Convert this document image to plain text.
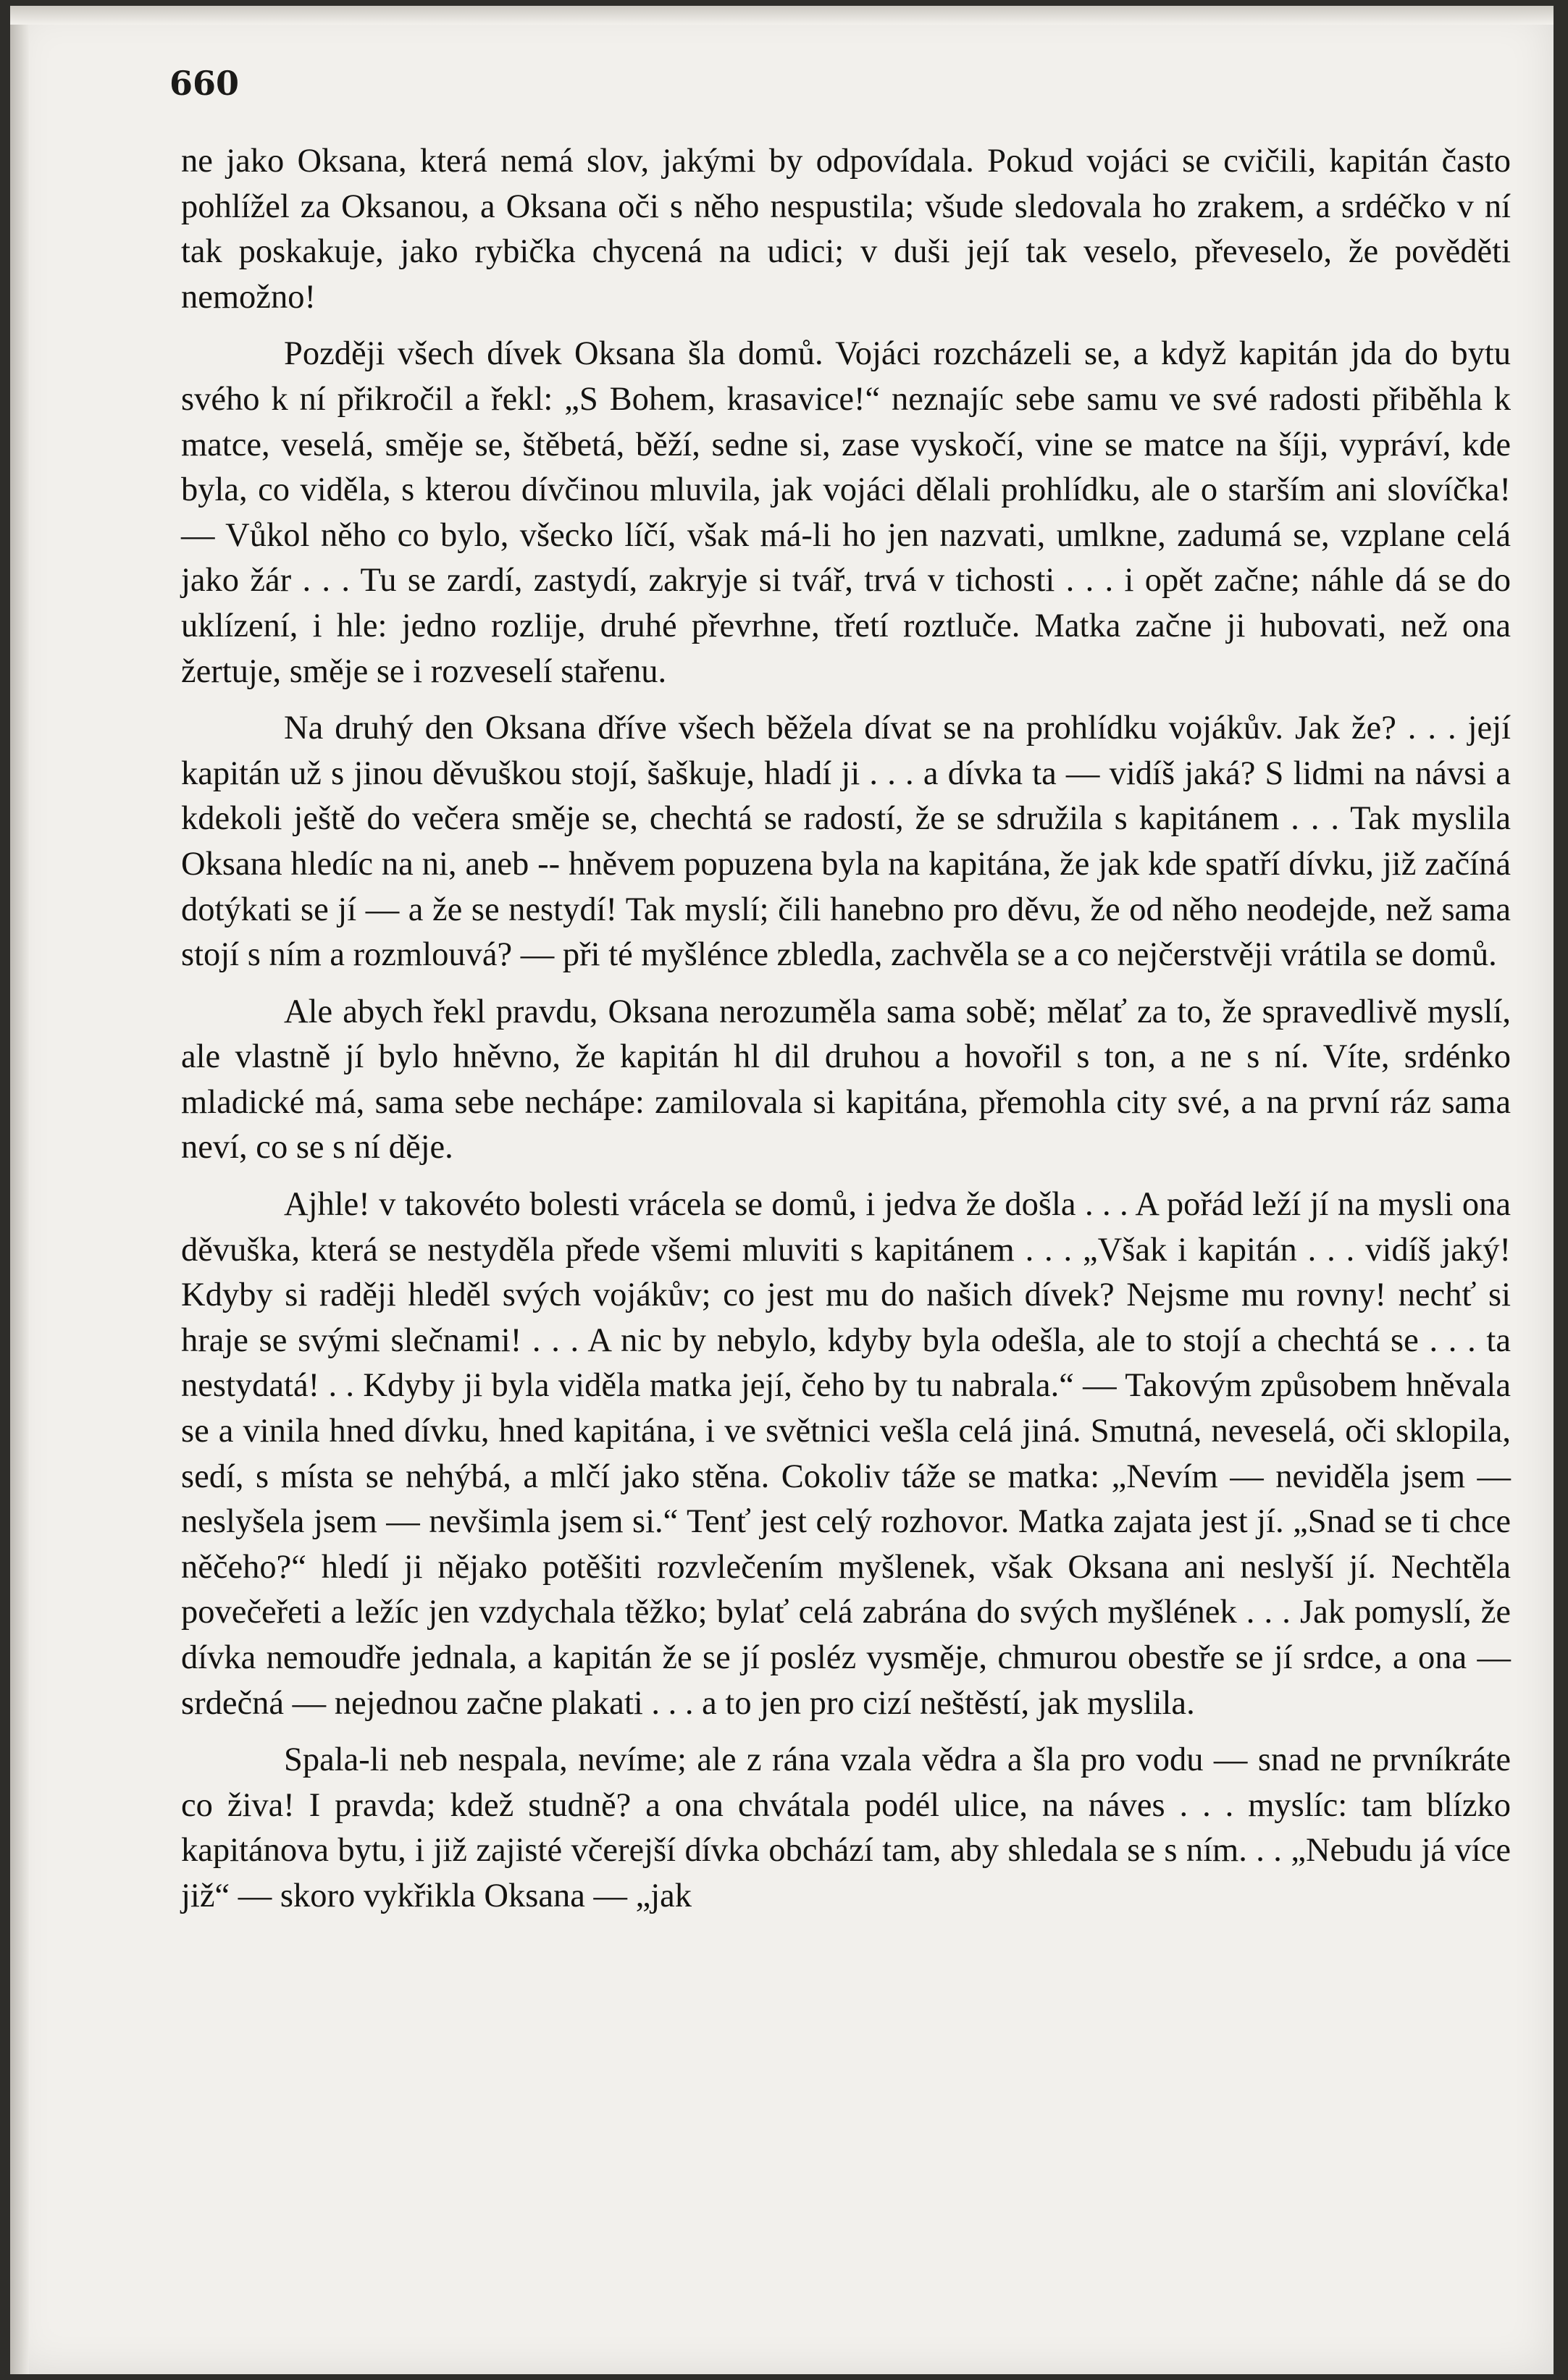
660

ne jako Oksana, která nemá slov, jakými by odpovídala. Pokud vojáci se cvičili, kapitán často pohlížel za Oksanou, a Oksana oči s něho nespustila; všude sledovala ho zrakem, a srdéčko v ní tak poskakuje, jako rybička chycená na udici; v duši její tak veselo, převeselo, že pověděti nemožno!

Později všech dívek Oksana šla domů. Vojáci rozcházeli se, a když kapitán jda do bytu svého k ní přikročil a řekl: „S Bohem, krasavice!“ neznajíc sebe samu ve své radosti přiběhla k matce, veselá, směje se, štěbetá, běží, sedne si, zase vyskočí, vine se matce na šíji, vypráví, kde byla, co viděla, s kterou dívčinou mluvila, jak vojáci dělali prohlídku, ale o starším ani slovíčka! — Vůkol něho co bylo, všecko líčí, však má-li ho jen nazvati, umlkne, zadumá se, vzplane celá jako žár . . . Tu se zardí, zastydí, zakryje si tvář, trvá v tichosti . . . i opět začne; náhle dá se do uklízení, i hle: jedno rozlije, druhé převrhne, třetí roztluče. Matka začne ji hubovati, než ona žertuje, směje se i rozveselí stařenu.

Na druhý den Oksana dříve všech běžela dívat se na prohlídku vojákův. Jak že? . . . její kapitán už s jinou děvuškou stojí, šaškuje, hladí ji . . . a dívka ta — vidíš jaká? S lidmi na návsi a kdekoli ještě do večera směje se, chechtá se radostí, že se sdružila s kapitánem . . . Tak myslila Oksana hledíc na ni, aneb -- hněvem popuzena byla na kapitána, že jak kde spatří dívku, již začíná dotýkati se jí — a že se nestydí! Tak myslí; čili hanebno pro děvu, že od něho neodejde, než sama stojí s ním a rozmlouvá? — při té myšlénce zbledla, zachvěla se a co nejčerstvěji vrátila se domů.

Ale abych řekl pravdu, Oksana nerozuměla sama sobě; mělať za to, že spravedlivě myslí, ale vlastně jí bylo hněvno, že kapitán hl dil druhou a hovořil s ton, a ne s ní. Víte, srdénko mladické má, sama sebe nechápe: zamilovala si kapitána, přemohla city své, a na první ráz sama neví, co se s ní děje.

Ajhle! v takovéto bolesti vrácela se domů, i jedva že došla . . . A pořád leží jí na mysli ona děvuška, která se nestyděla přede všemi mluviti s kapitánem . . . „Však i kapitán . . . vidíš jaký! Kdyby si raději hleděl svých vojákův; co jest mu do našich dívek? Nejsme mu rovny! nechť si hraje se svými slečnami! . . . A nic by nebylo, kdyby byla odešla, ale to stojí a chechtá se . . . ta nestydatá! . . Kdyby ji byla viděla matka její, čeho by tu nabrala.“ — Takovým způsobem hněvala se a vinila hned dívku, hned kapitána, i ve světnici vešla celá jiná. Smutná, neveselá, oči sklopila, sedí, s místa se nehýbá, a mlčí jako stěna. Cokoliv táže se matka: „Nevím — neviděla jsem — neslyšela jsem — nevšimla jsem si.“ Tenť jest celý rozhovor. Matka zajata jest jí. „Snad se ti chce něčeho?“ hledí ji nějako potěšiti rozvlečením myšlenek, však Oksana ani neslyší jí. Nechtěla povečeřeti a ležíc jen vzdychala těžko; bylať celá zabrána do svých myšlének . . . Jak pomyslí, že dívka nemoudře jednala, a kapitán že se jí posléz vysměje, chmurou obestře se jí srdce, a ona — srdečná — nejednou začne plakati . . . a to jen pro cizí neštěstí, jak myslila.

Spala-li neb nespala, nevíme; ale z rána vzala vědra a šla pro vodu — snad ne prvníkráte co živa! I pravda; kdež studně? a ona chvátala podél ulice, na náves . . . myslíc: tam blízko kapitánova bytu, i již zajisté včerejší dívka obchází tam, aby shledala se s ním. . . „Nebudu já více již“ — skoro vykřikla Oksana — „jak
